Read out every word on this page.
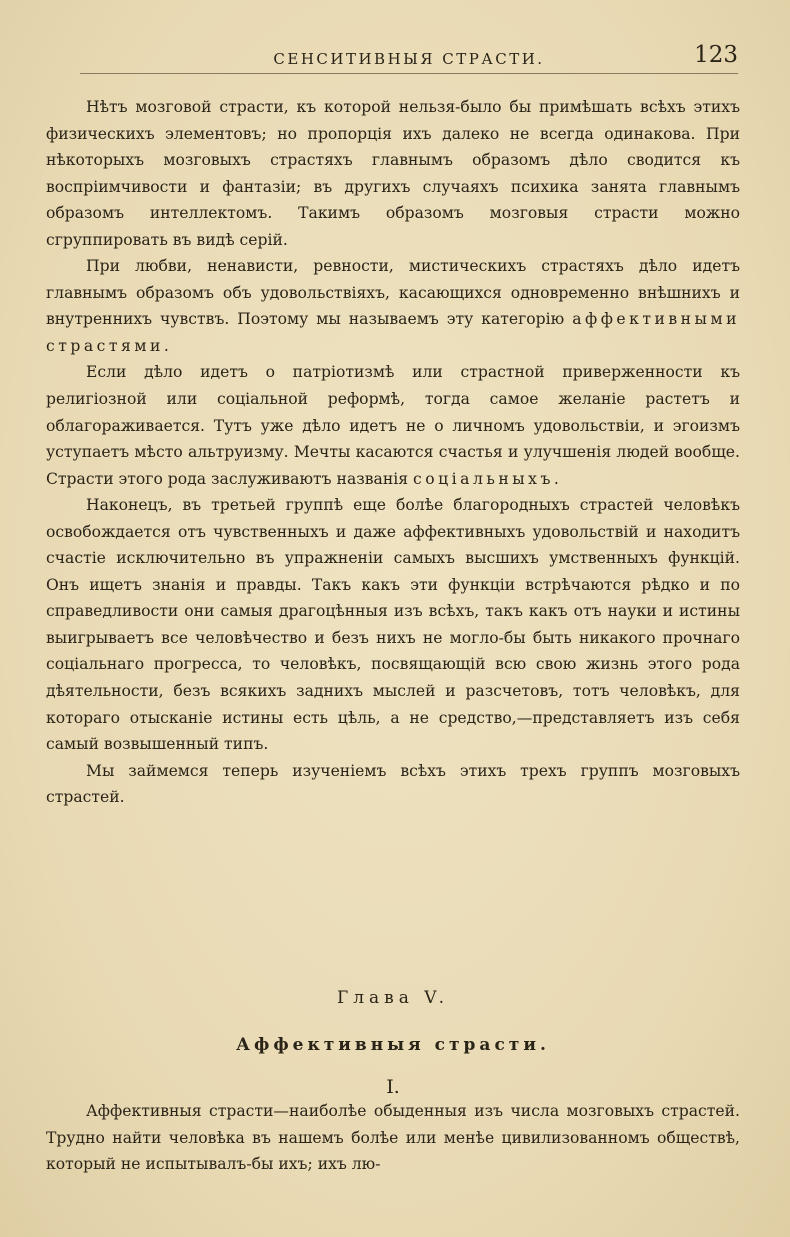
СЕНСИТИВНЫЯ СТРАСТИ.	123

Нѣтъ мозговой страсти, къ которой нельзя-было бы примѣшать всѣхъ этихъ физическихъ элементовъ; но пропорція ихъ далеко не всегда одинакова. При нѣкоторыхъ мозговыхъ страстяхъ главнымъ образомъ дѣло сводится къ воспріимчивости и фантазіи; въ другихъ случаяхъ психика занята главнымъ образомъ интеллектомъ. Такимъ образомъ мозговыя страсти можно сгруппировать въ видѣ серій.

При любви, ненависти, ревности, мистическихъ страстяхъ дѣло идетъ главнымъ образомъ объ удовольствіяхъ, касающихся одновременно внѣшнихъ и внутреннихъ чувствъ. Поэтому мы называемъ эту категорію аффективными страстями.

Если дѣло идетъ о патріотизмѣ или страстной приверженности къ религіозной или соціальной реформѣ, тогда самое желаніе растетъ и облагораживается. Тутъ уже дѣло идетъ не о личномъ удовольствіи, и эгоизмъ уступаетъ мѣсто альтруизму. Мечты касаются счастья и улучшенія людей вообще. Страсти этого рода заслуживаютъ названія соціальныхъ.

Наконецъ, въ третьей группѣ еще болѣе благородныхъ страстей человѣкъ освобождается отъ чувственныхъ и даже аффективныхъ удовольствій и находитъ счастіе исключительно въ упражненіи самыхъ высшихъ умственныхъ функцій. Онъ ищетъ знанія и правды. Такъ какъ эти функціи встрѣчаются рѣдко и по справедливости они самыя драгоцѣнныя изъ всѣхъ, такъ какъ отъ науки и истины выигрываетъ все человѣчество и безъ нихъ не могло-бы быть никакого прочнаго соціальнаго прогресса, то человѣкъ, посвящающій всю свою жизнь этого рода дѣятельности, безъ всякихъ заднихъ мыслей и разсчетовъ, тотъ человѣкъ, для котораго отысканіе истины есть цѣль, а не средство,—представляетъ изъ себя самый возвышенный типъ.

Мы займемся теперь изученіемъ всѣхъ этихъ трехъ группъ мозговыхъ страстей.

Глава V.
Аффективныя страсти.
I.

Аффективныя страсти—наиболѣе обыденныя изъ числа мозговыхъ страстей. Трудно найти человѣка въ нашемъ болѣе или менѣе цивилизованномъ обществѣ, который не испытывалъ-бы ихъ; ихъ лю-
